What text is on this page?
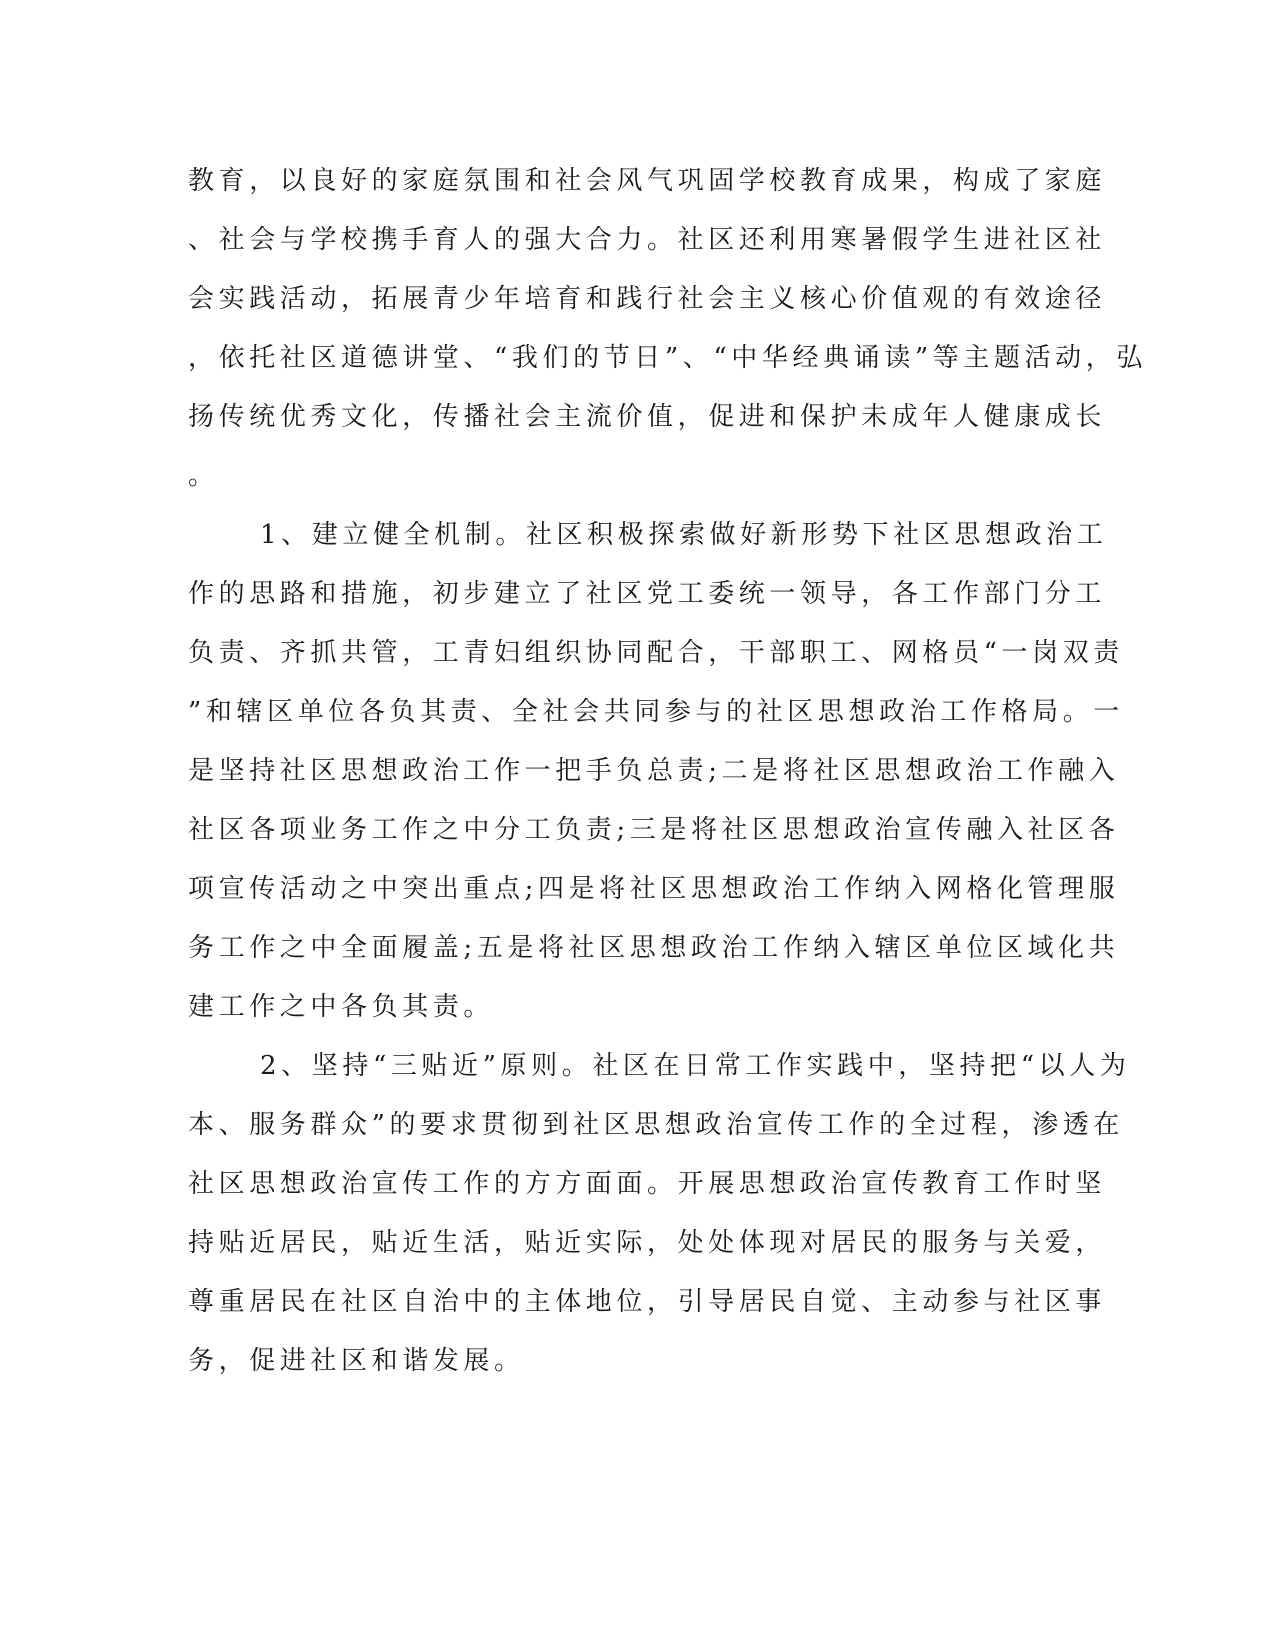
教育，以良好的家庭氛围和社会风气巩固学校教育成果，构成了家庭
、社会与学校携手育人的强大合力。社区还利用寒暑假学生进社区社
会实践活动，拓展青少年培育和践行社会主义核心价值观的有效途径
，依托社区道德讲堂、“我们的节日”、“中华经典诵读”等主题活动，弘
扬传统优秀文化，传播社会主流价值，促进和保护未成年人健康成长
。
1、建立健全机制。社区积极探索做好新形势下社区思想政治工
作的思路和措施，初步建立了社区党工委统一领导，各工作部门分工
负责、齐抓共管，工青妇组织协同配合，干部职工、网格员“一岗双责
”和辖区单位各负其责、全社会共同参与的社区思想政治工作格局。一
是坚持社区思想政治工作一把手负总责;二是将社区思想政治工作融入
社区各项业务工作之中分工负责;三是将社区思想政治宣传融入社区各
项宣传活动之中突出重点;四是将社区思想政治工作纳入网格化管理服
务工作之中全面履盖;五是将社区思想政治工作纳入辖区单位区域化共
建工作之中各负其责。
2、坚持“三贴近”原则。社区在日常工作实践中，坚持把“以人为
本、服务群众”的要求贯彻到社区思想政治宣传工作的全过程，渗透在
社区思想政治宣传工作的方方面面。开展思想政治宣传教育工作时坚
持贴近居民，贴近生活，贴近实际，处处体现对居民的服务与关爱，
尊重居民在社区自治中的主体地位，引导居民自觉、主动参与社区事
务，促进社区和谐发展。
